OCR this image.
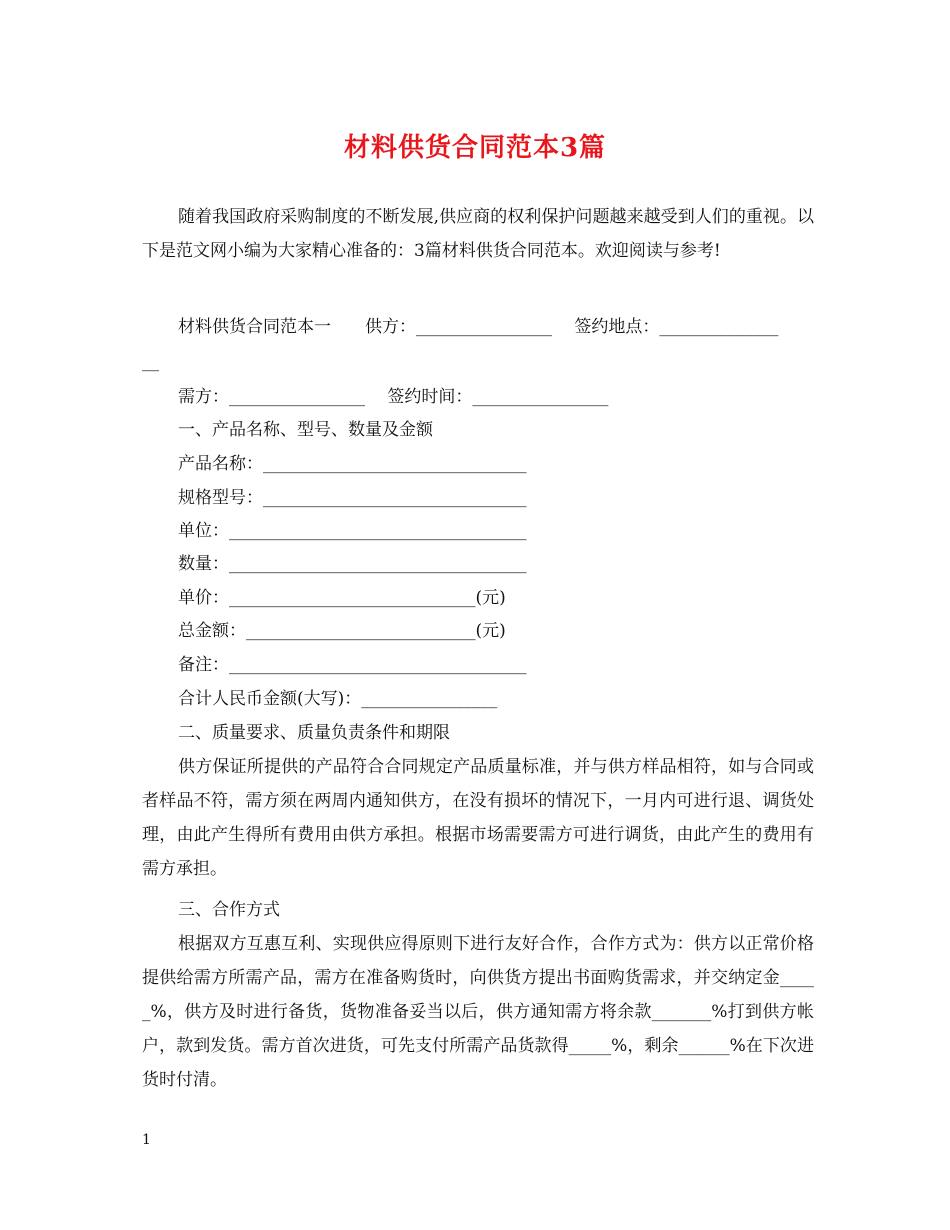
材料供货合同范本3篇

随着我国政府采购制度的不断发展,供应商的权利保护问题越来越受到人们的重视。以下是范文网小编为大家精心准备的：3篇材料供货合同范本。欢迎阅读与参考!

材料供货合同范本一　　供方：________________　 签约地点：______________
__
需方：________________　 签约时间：________________
一、产品名称、型号、数量及金额
产品名称：_______________________________
规格型号：_______________________________
单位：___________________________________
数量：___________________________________
单价：_____________________________(元)
总金额：___________________________(元)
备注：___________________________________
合计人民币金额(大写)：________________
二、质量要求、质量负责条件和期限

供方保证所提供的产品符合合同规定产品质量标准，并与供方样品相符，如与合同或者样品不符，需方须在两周内通知供方，在没有损坏的情况下，一月内可进行退、调货处理，由此产生得所有费用由供方承担。根据市场需要需方可进行调货，由此产生的费用有需方承担。

三、合作方式

根据双方互惠互利、实现供应得原则下进行友好合作，合作方式为：供方以正常价格提供给需方所需产品，需方在准备购货时，向供货方提出书面购货需求，并交纳定金_____%，供方及时进行备货，货物准备妥当以后，供方通知需方将余款_______%打到供方帐户，款到发货。需方首次进货，可先支付所需产品货款得_____%，剩余______%在下次进货时付清。

1
